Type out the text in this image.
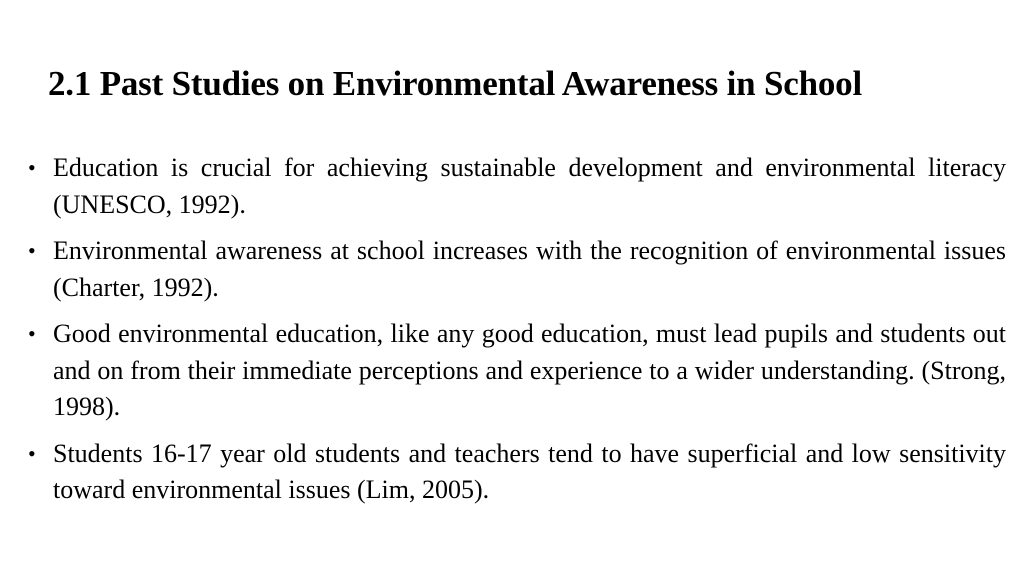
2.1 Past Studies on Environmental Awareness in School
• Education is crucial for achieving sustainable development and environmental literacy (UNESCO, 1992).
• Environmental awareness at school increases with the recognition of environmental issues (Charter, 1992).
• Good environmental education, like any good education, must lead pupils and students out and on from their immediate perceptions and experience to a wider understanding. (Strong, 1998).
• Students 16-17 year old students and teachers tend to have superficial and low sensitivity toward environmental issues (Lim, 2005).
